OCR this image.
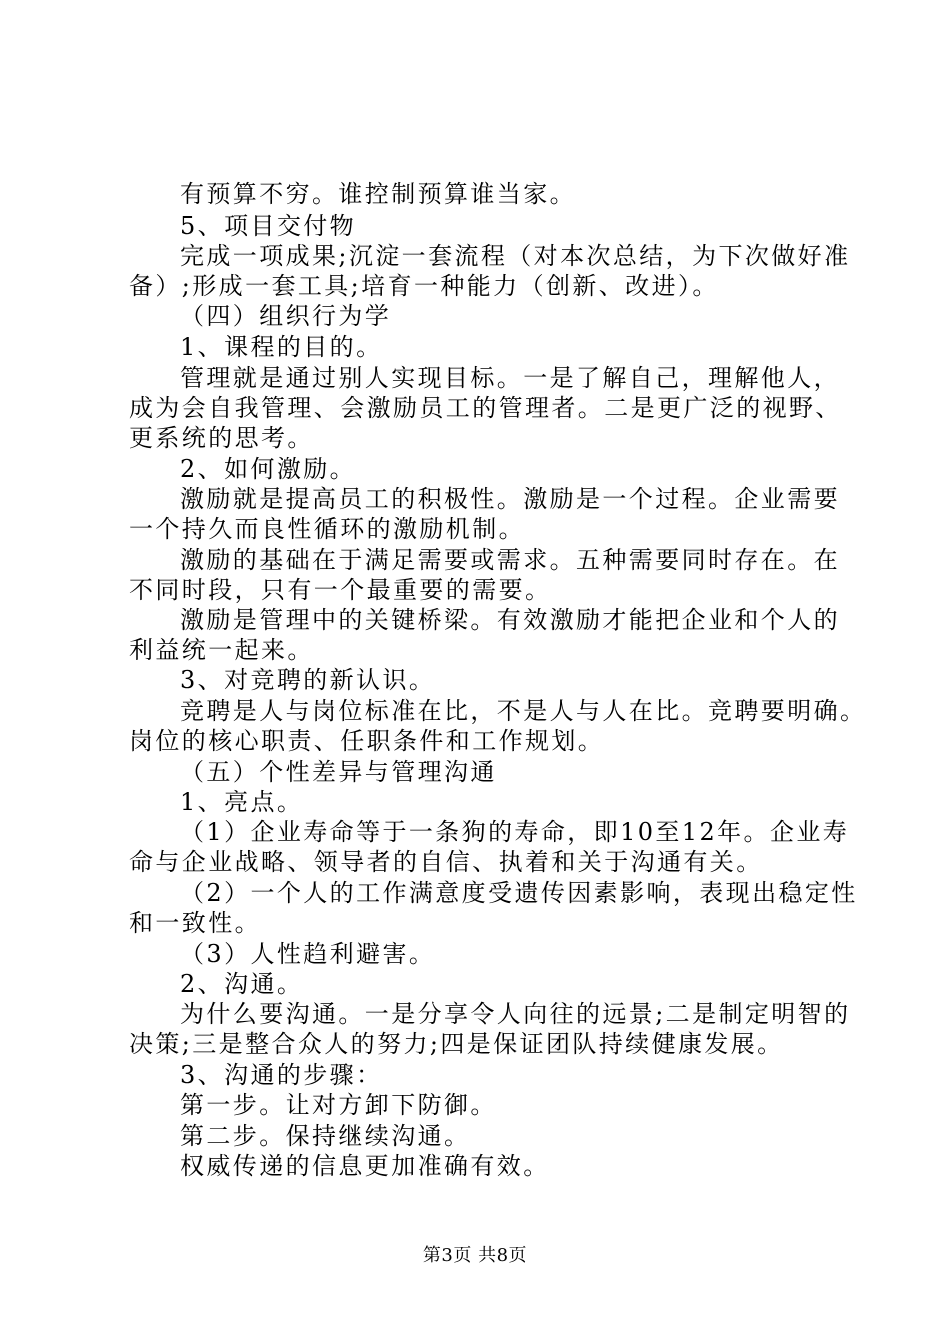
有预算不穷。谁控制预算谁当家。
5、项目交付物
完成一项成果;沉淀一套流程（对本次总结，为下次做好准
备）;形成一套工具;培育一种能力（创新、改进）。
（四）组织行为学
1、课程的目的。
管理就是通过别人实现目标。一是了解自己，理解他人，
成为会自我管理、会激励员工的管理者。二是更广泛的视野、
更系统的思考。
2、如何激励。
激励就是提高员工的积极性。激励是一个过程。企业需要
一个持久而良性循环的激励机制。
激励的基础在于满足需要或需求。五种需要同时存在。在
不同时段，只有一个最重要的需要。
激励是管理中的关键桥梁。有效激励才能把企业和个人的
利益统一起来。
3、对竞聘的新认识。
竞聘是人与岗位标准在比，不是人与人在比。竞聘要明确。
岗位的核心职责、任职条件和工作规划。
（五）个性差异与管理沟通
1、亮点。
（1）企业寿命等于一条狗的寿命，即10至12年。企业寿
命与企业战略、领导者的自信、执着和关于沟通有关。
（2）一个人的工作满意度受遗传因素影响，表现出稳定性
和一致性。
（3）人性趋利避害。
2、沟通。
为什么要沟通。一是分享令人向往的远景;二是制定明智的
决策;三是整合众人的努力;四是保证团队持续健康发展。
3、沟通的步骤：
第一步。让对方卸下防御。
第二步。保持继续沟通。
权威传递的信息更加准确有效。
第3页 共8页
